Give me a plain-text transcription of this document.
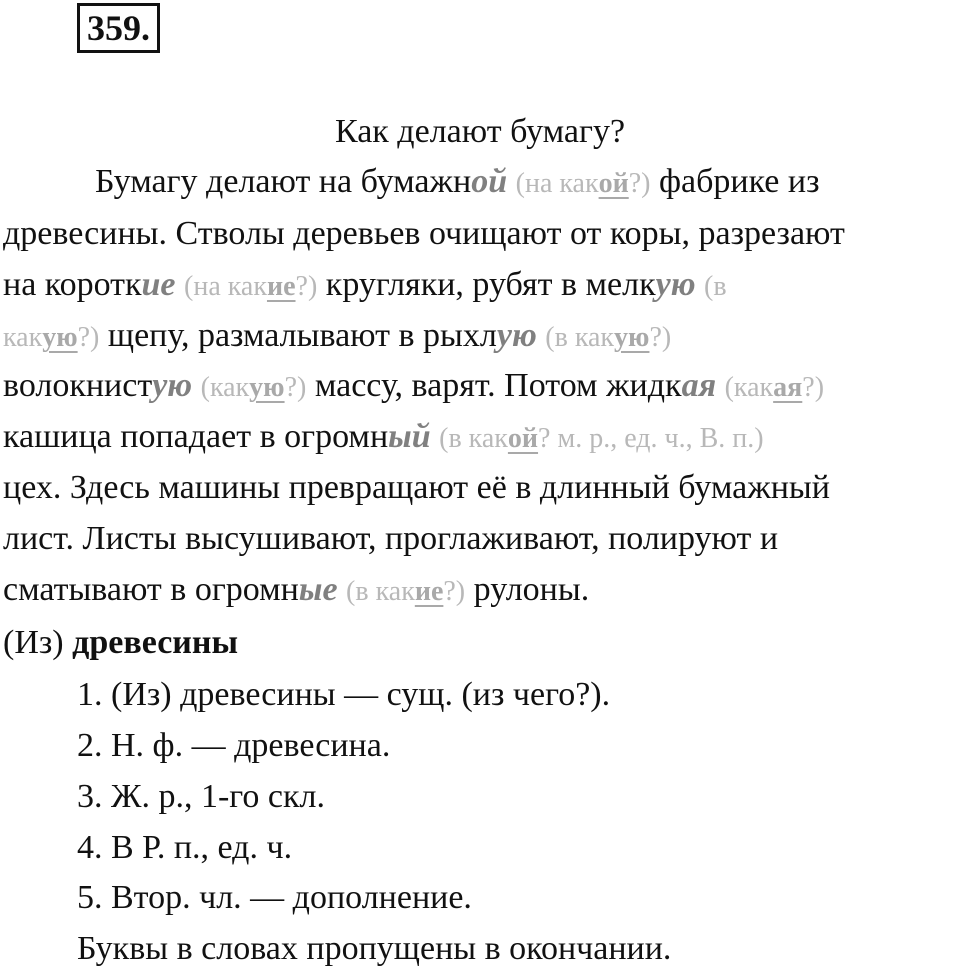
359.
Как делают бумагу?
Бумагу делают на бумажной (на какой?) фабрике из
древесины. Стволы деревьев очищают от коры, разрезают
на короткие (на какие?) кругляки, рубят в мелкую (в
какую?) щепу, размалывают в рыхлую (в какую?)
волокнистую (какую?) массу, варят. Потом жидкая (какая?)
кашица попадает в огромный (в какой? м. р., ед. ч., В. п.)
цех. Здесь машины превращают её в длинный бумажный
лист. Листы высушивают, проглаживают, полируют и
сматывают в огромные (в какие?) рулоны.
(Из) древесины
1. (Из) древесины — сущ. (из чего?).
2. Н. ф. — древесина.
3. Ж. р., 1-го скл.
4. В Р. п., ед. ч.
5. Втор. чл. — дополнение.
Буквы в словах пропущены в окончании.
